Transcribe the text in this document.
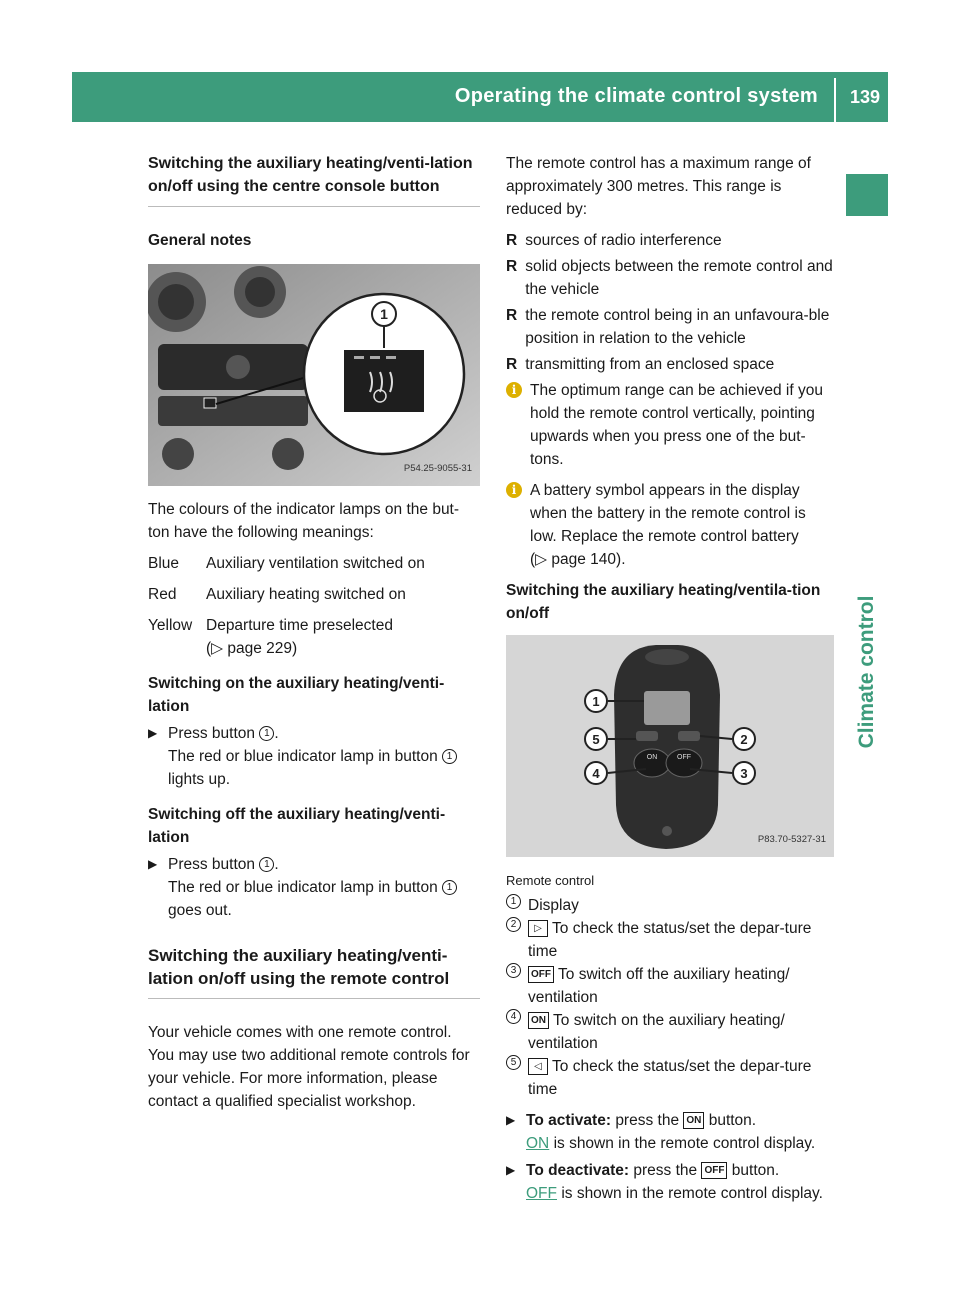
Operating the climate control system 139
Climate control
Switching the auxiliary heating/venti-lation on/off using the centre console button
General notes
1
P54.25-9055-31

The colours of the indicator lamps on the but-ton have the following meanings:

Blue	Auxiliary ventilation switched on
Red	Auxiliary heating switched on
Yellow Departure time preselected
(▷ page 229)
Switching on the auxiliary heating/venti-lation
▶ Press button 1 .
The red or blue indicator lamp in button 1
lights up.
Switching off the auxiliary heating/venti-lation
▶ Press button 1 .
The red or blue indicator lamp in button 1
goes out.
Switching the auxiliary heating/venti-lation on/off using the remote control

Your vehicle comes with one remote control. You may use two additional remote controls for your vehicle. For more information, please contact a qualified specialist workshop.

The remote control has a maximum range of approximately 300 metres. This range is reduced by:

R sources of radio interference
R solid objects between the remote control and the vehicle
R the remote control being in an unfavoura-ble position in relation to the vehicle
R transmitting from an enclosed space
i The optimum range can be achieved if you hold the remote control vertically, pointing upwards when you press one of the but-tons.
i A battery symbol appears in the display when the battery in the remote control is low. Replace the remote control battery
(▷ page 140).
Switching the auxiliary heating/ventila-tion on/off
ON	OFF
1
2
3
4
5
P83.70-5327-31
Remote control
1 Display
2	▷ To check the status/set the depar-ture time
3	OFF To switch off the auxiliary heating/ ventilation
4	ON To switch on the auxiliary heating/ ventilation
5	◁ To check the status/set the depar-ture time
▶ To activate: press the ON button.
ON is shown in the remote control display.
▶ To deactivate: press the OFF button.
OFF is shown in the remote control display.
